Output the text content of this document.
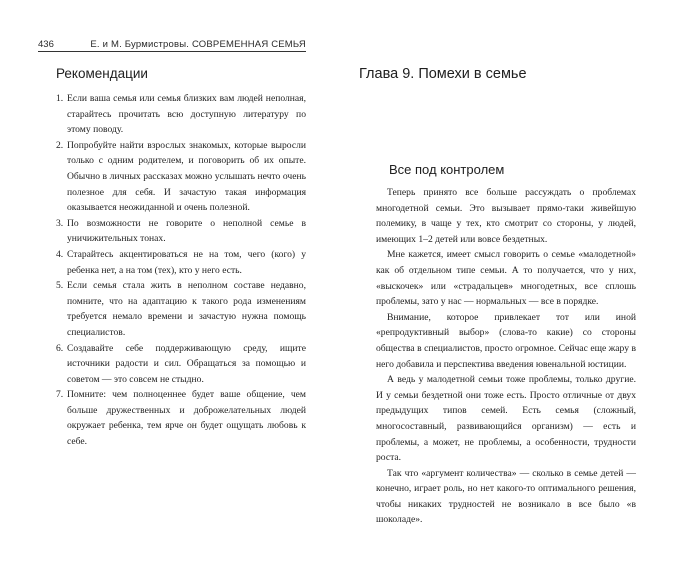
436	Е. и М. Бурмистровы. СОВРЕМЕННАЯ СЕМЬЯ
Рекомендации
1. Если ваша семья или семья близких вам людей неполная, старайтесь прочитать всю доступную литературу по этому поводу.
2. Попробуйте найти взрослых знакомых, которые выросли только с одним родителем, и поговорить об их опыте. Обычно в личных рассказах можно услышать нечто очень полезное для себя. И зачастую такая информация оказывается неожиданной и очень полезной.
3. По возможности не говорите о неполной семье в уничижительных тонах.
4. Старайтесь акцентироваться не на том, чего (кого) у ребенка нет, а на том (тех), кто у него есть.
5. Если семья стала жить в неполном составе недавно, помните, что на адаптацию к такого рода изменениям требуется немало времени и зачастую нужна помощь специалистов.
6. Создавайте себе поддерживающую среду, ищите источники радости и сил. Обращаться за помощью и советом — это совсем не стыдно.
7. Помните: чем полноценнее будет ваше общение, чем больше дружественных и доброжелательных людей окружает ребенка, тем ярче он будет ощущать любовь к себе.
Глава 9. Помехи в семье
Все под контролем

Теперь принято все больше рассуждать о проблемах многодетной семьи. Это вызывает прямо-таки живейшую полемику, в чаще у тех, кто смотрит со стороны, у людей, имеющих 1–2 детей или вовсе бездетных.

Мне кажется, имеет смысл говорить о семье «малодетной» как об отдельном типе семьи. А то получается, что у них, «выскочек» или «страдальцев» многодетных, все сплошь проблемы, зато у нас — нормальных — все в порядке.

Внимание, которое привлекает тот или иной «репродуктивный выбор» (слова-то какие) со стороны общества в специалистов, просто огромное. Сейчас еще жару в него добавила и перспектива введения ювенальной юстиции.

А ведь у малодетной семьи тоже проблемы, только другие. И у семьи бездетной они тоже есть. Просто отличные от двух предыдущих типов семей. Есть семья (сложный, многосоставный, развивающийся организм) — есть и проблемы, а может, не проблемы, а особенности, трудности роста.

Так что «аргумент количества» — сколько в семье детей — конечно, играет роль, но нет какого-то оптимального решения, чтобы никаких трудностей не возникало в все было «в шоколаде».
